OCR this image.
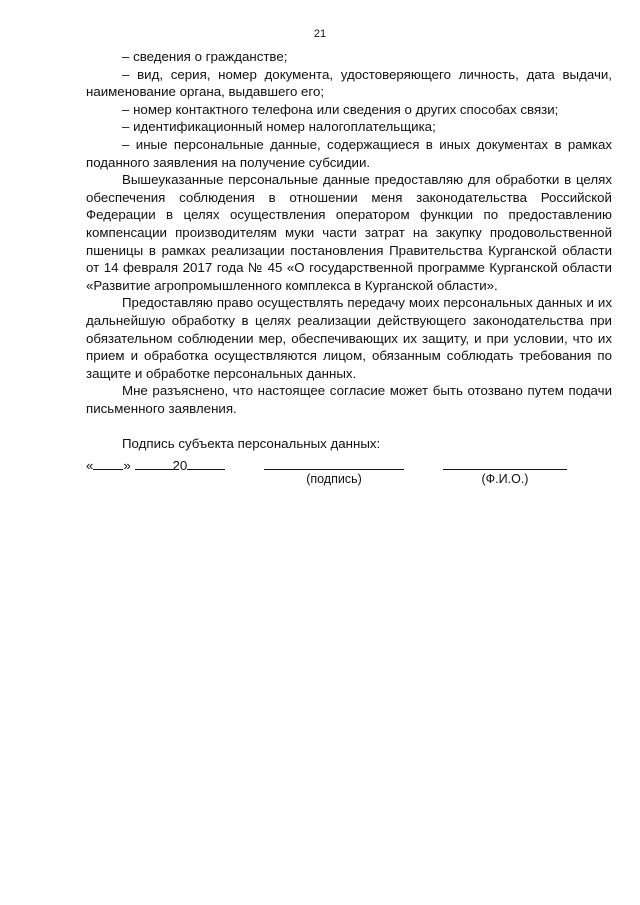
21

– сведения о гражданстве;

– вид, серия, номер документа, удостоверяющего личность, дата выдачи, наименование органа, выдавшего его;

– номер контактного телефона или сведения о других способах связи;

– идентификационный номер налогоплательщика;

– иные персональные данные, содержащиеся в иных документах в рамках поданного заявления на получение субсидии.

Вышеуказанные персональные данные предоставляю для обработки в целях обеспечения соблюдения в отношении меня законодательства Российской Федерации в целях осуществления оператором функции по предоставлению компенсации производителям муки части затрат на закупку продовольственной пшеницы в рамках реализации постановления Правительства Курганской области от 14 февраля 2017 года № 45 «О государственной программе Курганской области «Развитие агропромышленного комплекса в Курганской области».

Предоставляю право осуществлять передачу моих персональных данных и их дальнейшую обработку в целях реализации действующего законодательства при обязательном соблюдении мер, обеспечивающих их защиту, и при условии, что их прием и обработка осуществляются лицом, обязанным соблюдать требования по защите и обработке персональных данных.

Мне разъяснено, что настоящее согласие может быть отозвано путем подачи письменного заявления.

Подпись субъекта персональных данных:

« »	20
(подпись)	(Ф.И.О.)
